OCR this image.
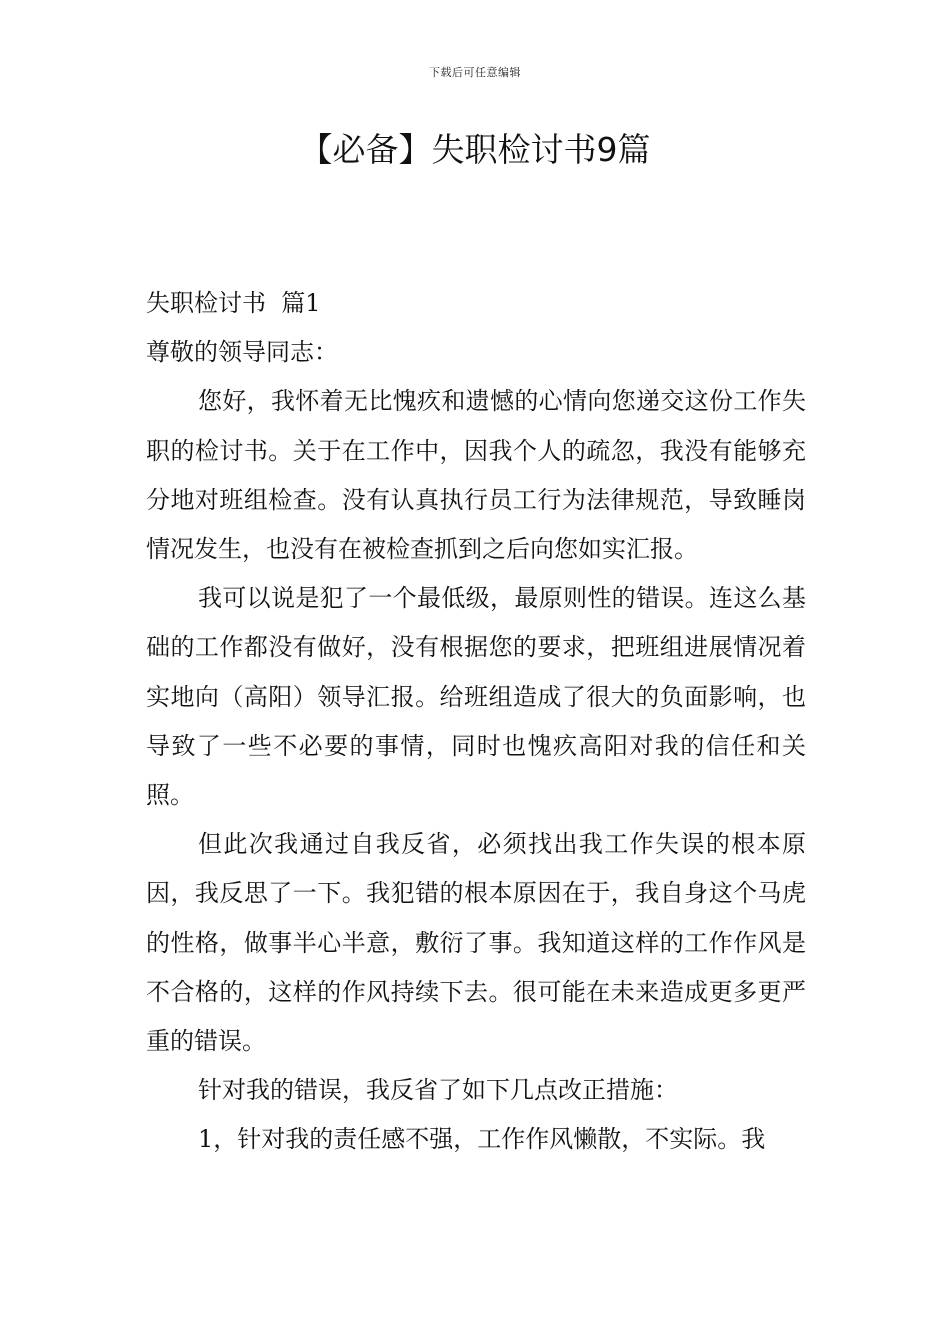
下载后可任意编辑
【必备】失职检讨书9篇

失职检讨书  篇1

尊敬的领导同志：

您好，我怀着无比愧疚和遗憾的心情向您递交这份工作失职的检讨书。关于在工作中，因我个人的疏忽，我没有能够充分地对班组检查。没有认真执行员工行为法律规范，导致睡岗情况发生，也没有在被检查抓到之后向您如实汇报。

我可以说是犯了一个最低级，最原则性的错误。连这么基础的工作都没有做好，没有根据您的要求，把班组进展情况着实地向（高阳）领导汇报。给班组造成了很大的负面影响，也导致了一些不必要的事情，同时也愧疚高阳对我的信任和关照。

但此次我通过自我反省，必须找出我工作失误的根本原因，我反思了一下。我犯错的根本原因在于，我自身这个马虎的性格，做事半心半意，敷衍了事。我知道这样的工作作风是不合格的，这样的作风持续下去。很可能在未来造成更多更严重的错误。

针对我的错误，我反省了如下几点改正措施：

1，针对我的责任感不强，工作作风懒散，不实际。我
